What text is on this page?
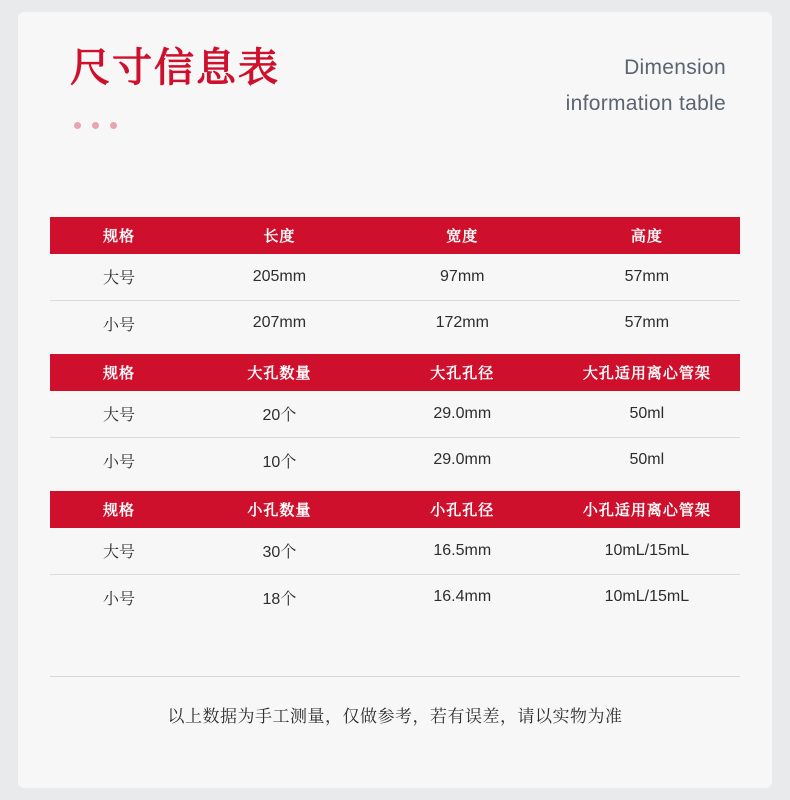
尺寸信息表	Dimension
information table
规格	长度	宽度	高度
大号	205mm	97mm	57mm
小号	207mm	172mm	57mm

规格	大孔数量	大孔孔径	大孔适用离心管架
大号	20个	29.0mm	50ml
小号	10个	29.0mm	50ml

规格	小孔数量	小孔孔径	小孔适用离心管架
大号	30个	16.5mm	10mL/15mL
小号	18个	16.4mm	10mL/15mL
以上数据为手工测量，仅做参考，若有误差，请以实物为准
